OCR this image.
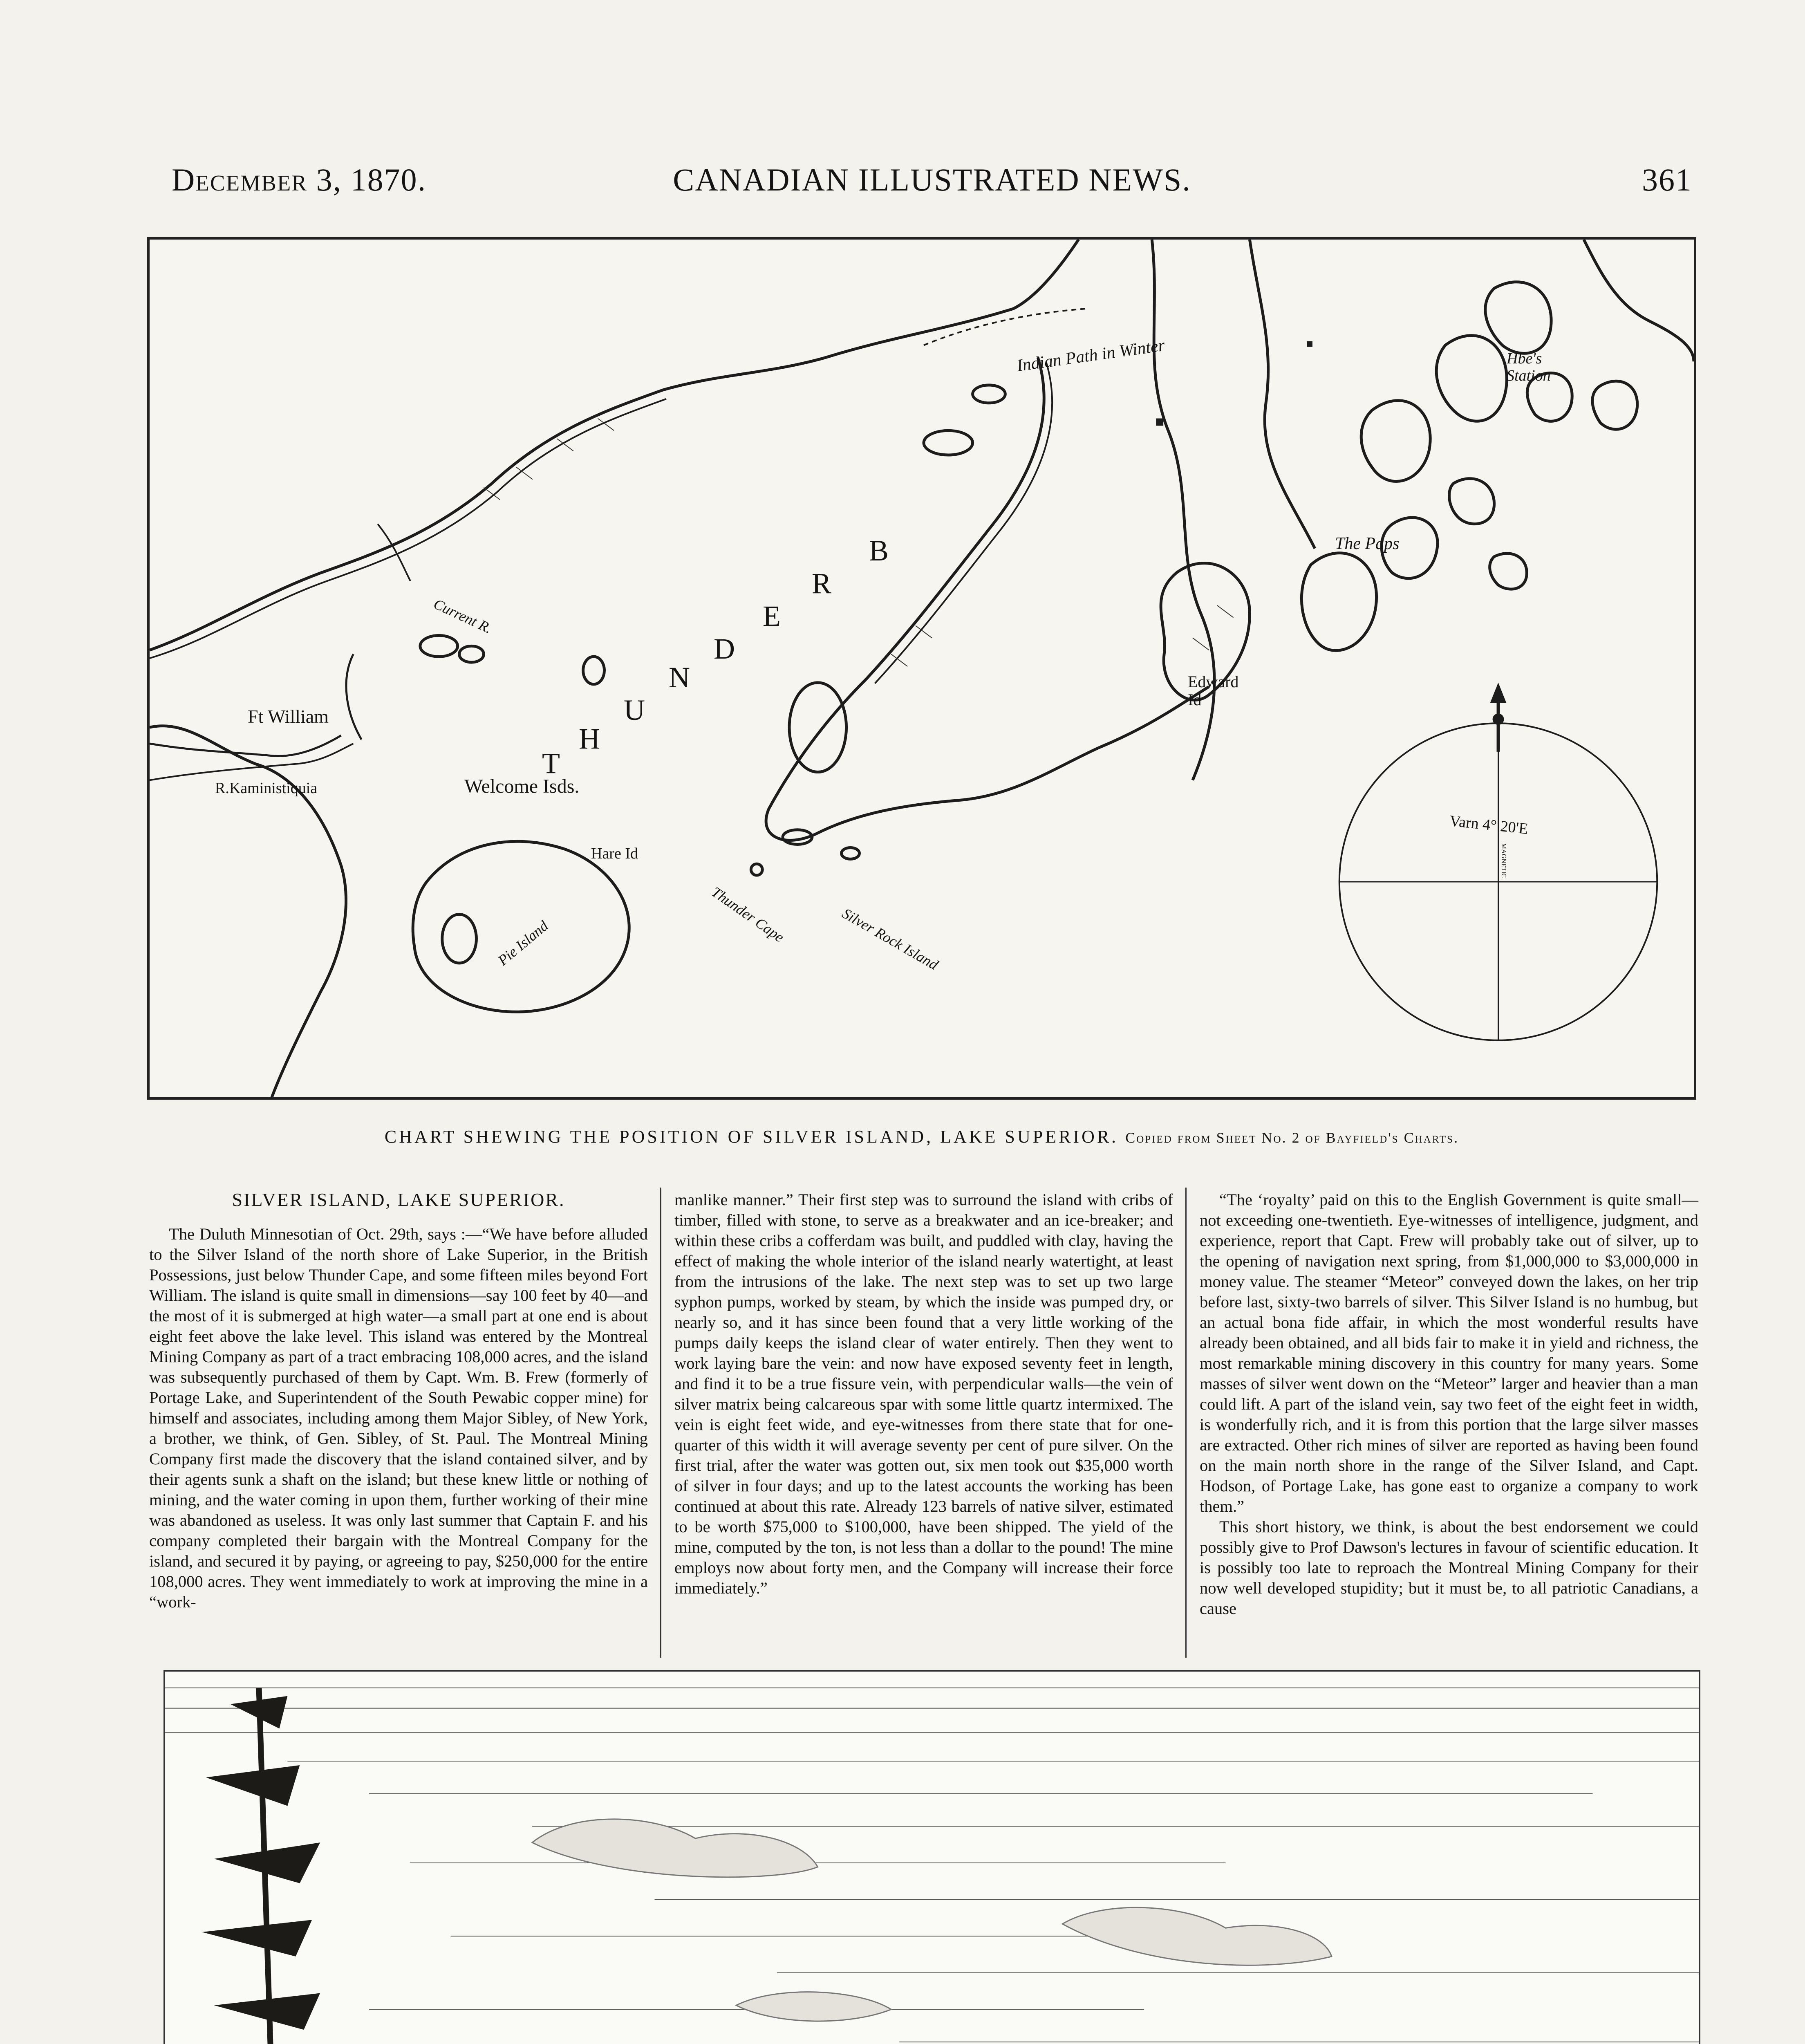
December 3, 1870.	CANADIAN ILLUSTRATED NEWS.	361
Indian Path in Winter	Hbe's Station
The Paps
Current R.
Ft William
R.Kaministiquia	Welcome Isds.
Edward Id
Hare Id
Thunder Cape	Silver Rock Island
Pie Island
Varn 4° 20'E
MAGNETIC
T
H
U
N
D
E
R
B
CHART SHEWING THE POSITION OF SILVER ISLAND, LAKE SUPERIOR. Copied from Sheet No. 2 of Bayfield's Charts.
SILVER ISLAND, LAKE SUPERIOR.

The Duluth Minnesotian of Oct. 29th, says :—“We have before alluded to the Silver Island of the north shore of Lake Superior, in the British Possessions, just below Thunder Cape, and some fifteen miles beyond Fort William. The island is quite small in dimensions—say 100 feet by 40—and the most of it is submerged at high water—a small part at one end is about eight feet above the lake level. This island was entered by the Montreal Mining Company as part of a tract embracing 108,000 acres, and the island was subsequently purchased of them by Capt. Wm. B. Frew (formerly of Portage Lake, and Superintendent of the South Pewabic copper mine) for himself and associates, including among them Major Sibley, of New York, a brother, we think, of Gen. Sibley, of St. Paul. The Montreal Mining Company first made the discovery that the island contained silver, and by their agents sunk a shaft on the island; but these knew little or nothing of mining, and the water coming in upon them, further working of their mine was abandoned as useless. It was only last summer that Captain F. and his company completed their bargain with the Montreal Company for the island, and secured it by paying, or agreeing to pay, $250,000 for the entire 108,000 acres. They went immediately to work at improving the mine in a “work-

manlike manner.” Their first step was to surround the island with cribs of timber, filled with stone, to serve as a breakwater and an ice-breaker; and within these cribs a cofferdam was built, and puddled with clay, having the effect of making the whole interior of the island nearly watertight, at least from the intrusions of the lake. The next step was to set up two large syphon pumps, worked by steam, by which the inside was pumped dry, or nearly so, and it has since been found that a very little working of the pumps daily keeps the island clear of water entirely. Then they went to work laying bare the vein: and now have exposed seventy feet in length, and find it to be a true fissure vein, with perpendicular walls—the vein of silver matrix being calcareous spar with some little quartz intermixed. The vein is eight feet wide, and eye-witnesses from there state that for one-quarter of this width it will average seventy per cent of pure silver. On the first trial, after the water was gotten out, six men took out $35,000 worth of silver in four days; and up to the latest accounts the working has been continued at about this rate. Already 123 barrels of native silver, estimated to be worth $75,000 to $100,000, have been shipped. The yield of the mine, computed by the ton, is not less than a dollar to the pound! The mine employs now about forty men, and the Company will increase their force immediately.”

“The ‘royalty’ paid on this to the English Government is quite small—not exceeding one-twentieth. Eye-witnesses of intelligence, judgment, and experience, report that Capt. Frew will probably take out of silver, up to the opening of navigation next spring, from $1,000,000 to $3,000,000 in money value. The steamer “Meteor” conveyed down the lakes, on her trip before last, sixty-two barrels of silver. This Silver Island is no humbug, but an actual bona fide affair, in which the most wonderful results have already been obtained, and all bids fair to make it in yield and richness, the most remarkable mining discovery in this country for many years. Some masses of silver went down on the “Meteor” larger and heavier than a man could lift. A part of the island vein, say two feet of the eight feet in width, is wonderfully rich, and it is from this portion that the large silver masses are extracted. Other rich mines of silver are reported as having been found on the main north shore in the range of the Silver Island, and Capt. Hodson, of Portage Lake, has gone east to organize a company to work them.”

This short history, we think, is about the best endorsement we could possibly give to Prof Dawson's lectures in favour of scientific education. It is possibly too late to reproach the Montreal Mining Company for their now well developed stupidity; but it must be, to all patriotic Canadians, a cause
